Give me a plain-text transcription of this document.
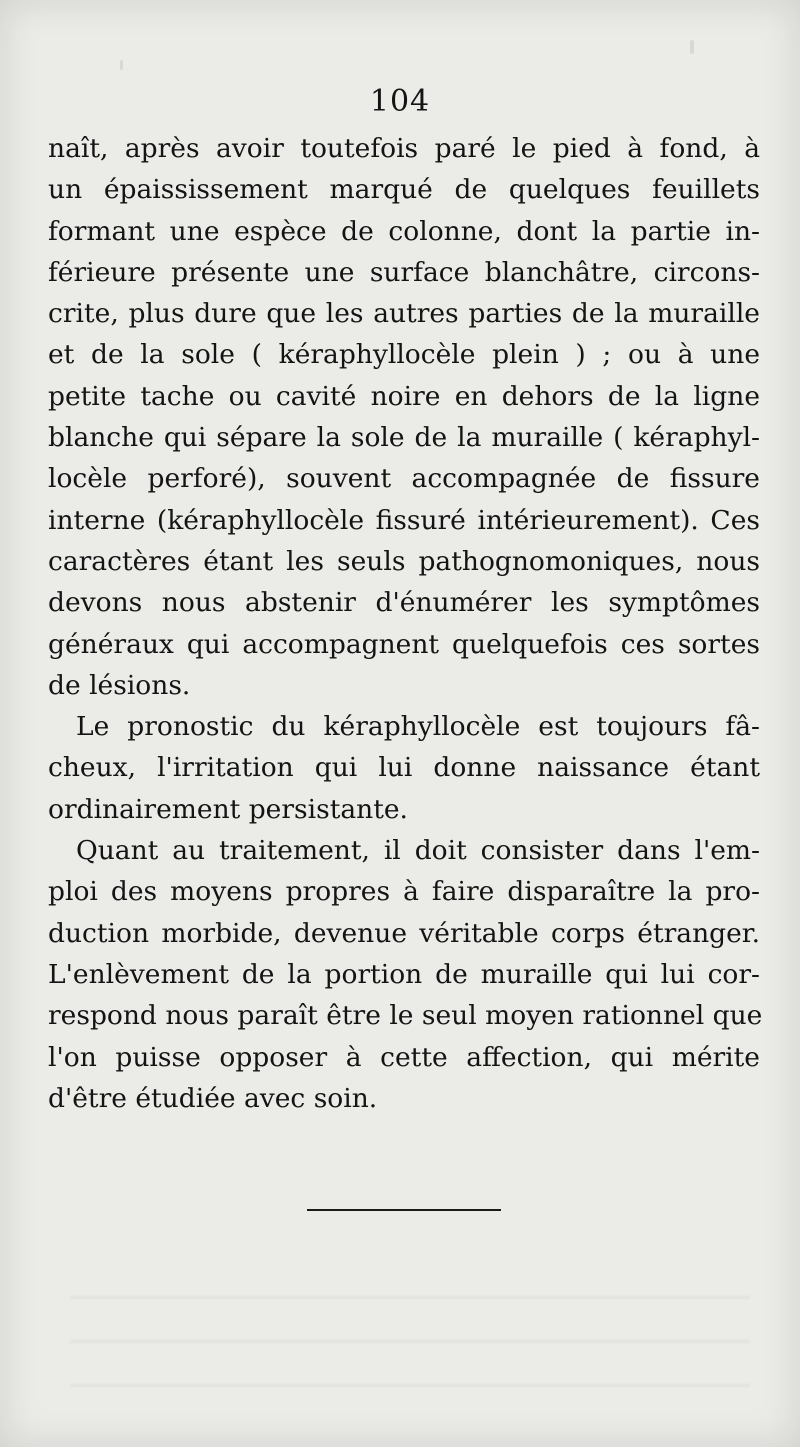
104
naît, après avoir toutefois paré le pied à fond, à
un épaississement marqué de quelques feuillets
formant une espèce de colonne, dont la partie in-
férieure présente une surface blanchâtre, circons-
crite, plus dure que les autres parties de la muraille
et de la sole ( kéraphyllocèle plein ) ; ou à une
petite tache ou cavité noire en dehors de la ligne
blanche qui sépare la sole de la muraille ( kéraphyl-
locèle perforé), souvent accompagnée de fissure
interne (kéraphyllocèle fissuré intérieurement). Ces
caractères étant les seuls pathognomoniques, nous
devons nous abstenir d'énumérer les symptômes
généraux qui accompagnent quelquefois ces sortes
de lésions.
Le pronostic du kéraphyllocèle est toujours fâ-
cheux, l'irritation qui lui donne naissance étant
ordinairement persistante.
Quant au traitement, il doit consister dans l'em-
ploi des moyens propres à faire disparaître la pro-
duction morbide, devenue véritable corps étranger.
L'enlèvement de la portion de muraille qui lui cor-
respond nous paraît être le seul moyen rationnel que
l'on puisse opposer à cette affection, qui mérite
d'être étudiée avec soin.
